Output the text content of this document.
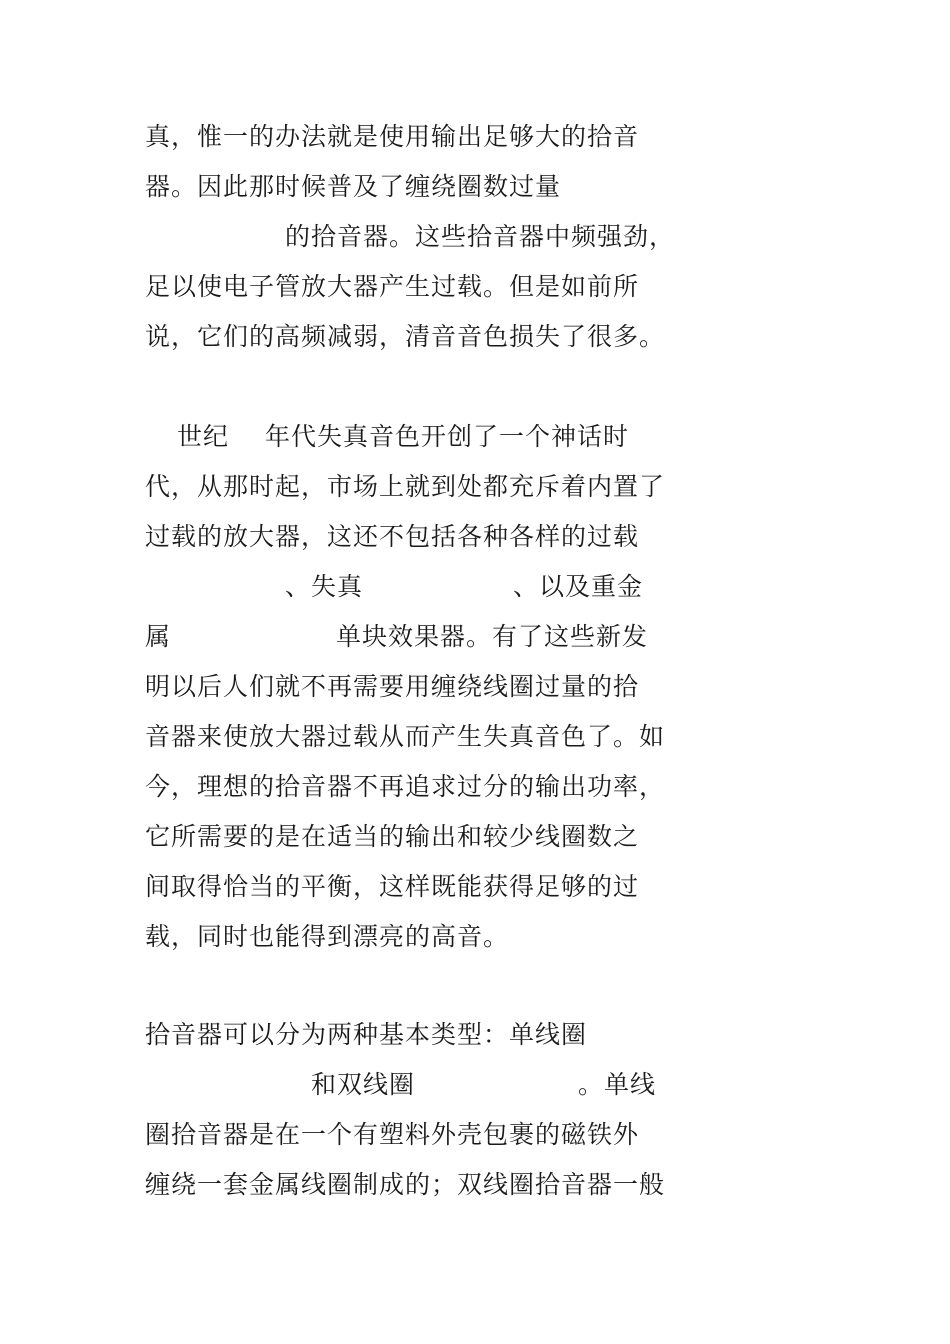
真，惟一的办法就是使用输出足够大的拾音
器。因此那时候普及了缠绕圈数过量
的拾音器。这些拾音器中频强劲，
足以使电子管放大器产生过载。但是如前所
说，它们的高频减弱，清音音色损失了很多。
世纪 年代失真音色开创了一个神话时
代，从那时起，市场上就到处都充斥着内置了
过载的放大器，这还不包括各种各样的过载
、失真	、以及重金
属	单块效果器。有了这些新发
明以后人们就不再需要用缠绕线圈过量的拾
音器来使放大器过载从而产生失真音色了。如
今，理想的拾音器不再追求过分的输出功率，
它所需要的是在适当的输出和较少线圈数之
间取得恰当的平衡，这样既能获得足够的过
载，同时也能得到漂亮的高音。
拾音器可以分为两种基本类型：单线圈
和双线圈	。单线
圈拾音器是在一个有塑料外壳包裹的磁铁外
缠绕一套金属线圈制成的；双线圈拾音器一般
